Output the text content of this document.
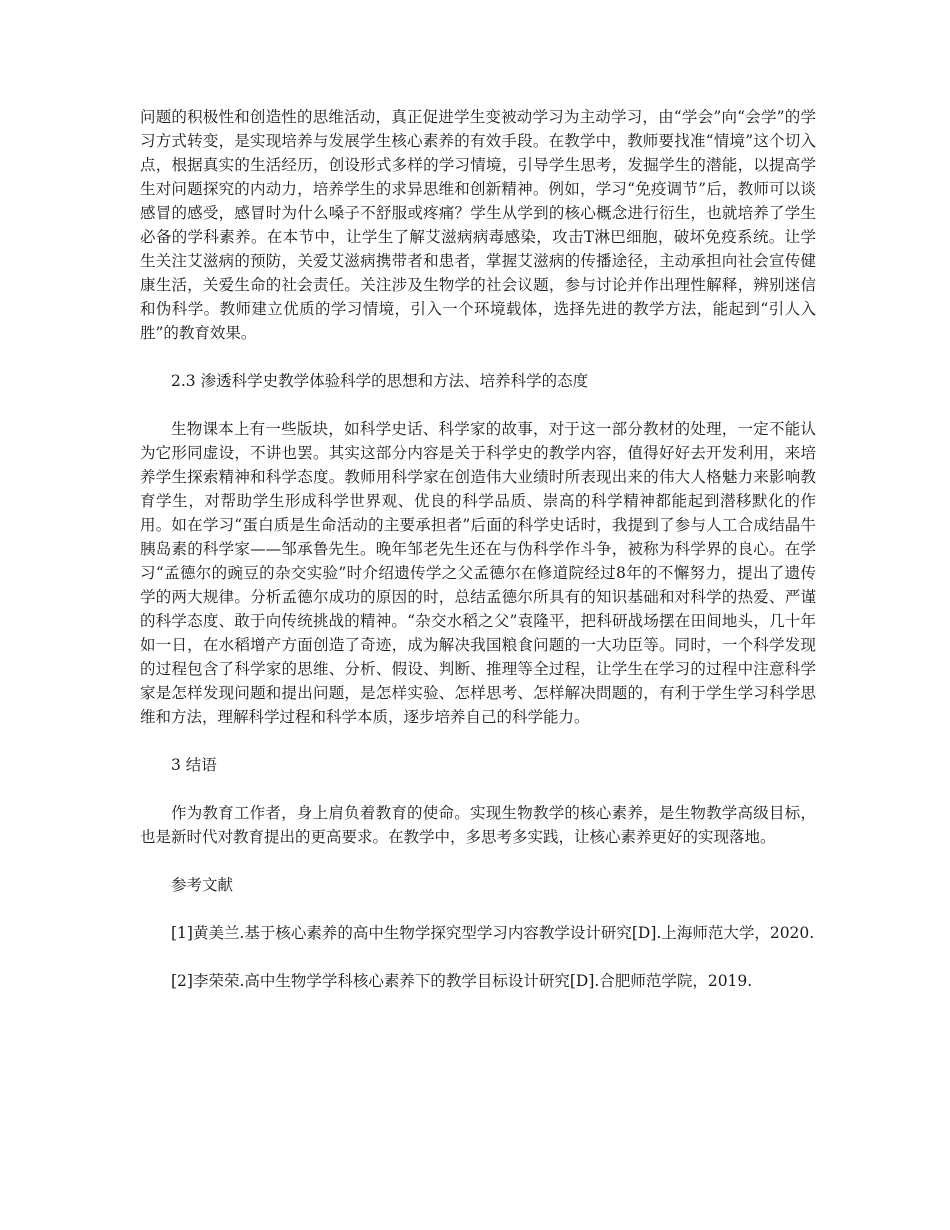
问题的积极性和创造性的思维活动，真正促进学生变被动学习为主动学习，由“学会”向“会学”的学习方式转变，是实现培养与发展学生核心素养的有效手段。在教学中，教师要找准“情境”这个切入点，根据真实的生活经历，创设形式多样的学习情境，引导学生思考，发掘学生的潜能，以提高学生对问题探究的内动力，培养学生的求异思维和创新精神。例如，学习“免疫调节”后，教师可以谈感冒的感受，感冒时为什么嗓子不舒服或疼痛？学生从学到的核心概念进行衍生，也就培养了学生必备的学科素养。在本节中，让学生了解艾滋病病毒感染，攻击T淋巴细胞，破坏免疫系统。让学生关注艾滋病的预防，关爱艾滋病携带者和患者，掌握艾滋病的传播途径，主动承担向社会宣传健康生活，关爱生命的社会责任。关注涉及生物学的社会议题，参与讨论并作出理性解释，辨别迷信和伪科学。教师建立优质的学习情境，引入一个环境载体，选择先进的教学方法，能起到“引人入胜”的教育效果。

2.3 渗透科学史教学体验科学的思想和方法、培养科学的态度

生物课本上有一些版块，如科学史话、科学家的故事，对于这一部分教材的处理，一定不能认为它形同虚设，不讲也罢。其实这部分内容是关于科学史的教学内容，值得好好去开发利用，来培养学生探索精神和科学态度。教师用科学家在创造伟大业绩时所表现出来的伟大人格魅力来影响教育学生，对帮助学生形成科学世界观、优良的科学品质、崇高的科学精神都能起到潜移默化的作用。如在学习“蛋白质是生命活动的主要承担者”后面的科学史话时，我提到了参与人工合成结晶牛胰岛素的科学家——邹承鲁先生。晚年邹老先生还在与伪科学作斗争，被称为科学界的良心。在学习“孟德尔的豌豆的杂交实验”时介绍遗传学之父孟德尔在修道院经过8年的不懈努力，提出了遗传学的两大规律。分析孟德尔成功的原因的时，总结孟德尔所具有的知识基础和对科学的热爱、严谨的科学态度、敢于向传统挑战的精神。“杂交水稻之父”袁隆平，把科研战场摆在田间地头，几十年如一日，在水稻增产方面创造了奇迹，成为解决我国粮食问题的一大功臣等。同时，一个科学发现的过程包含了科学家的思维、分析、假设、判断、推理等全过程，让学生在学习的过程中注意科学家是怎样发现问题和提出问题，是怎样实验、怎样思考、怎样解决問题的，有利于学生学习科学思维和方法，理解科学过程和科学本质，逐步培养自己的科学能力。

3 结语

作为教育工作者，身上肩负着教育的使命。实现生物教学的核心素养，是生物教学高级目标，也是新时代对教育提出的更高要求。在教学中，多思考多实践，让核心素养更好的实现落地。

参考文献

[1]黄美兰.基于核心素养的高中生物学探究型学习内容教学设计研究[D].上海师范大学，2020.

[2]李荣荣.高中生物学学科核心素养下的教学目标设计研究[D].合肥师范学院，2019.
